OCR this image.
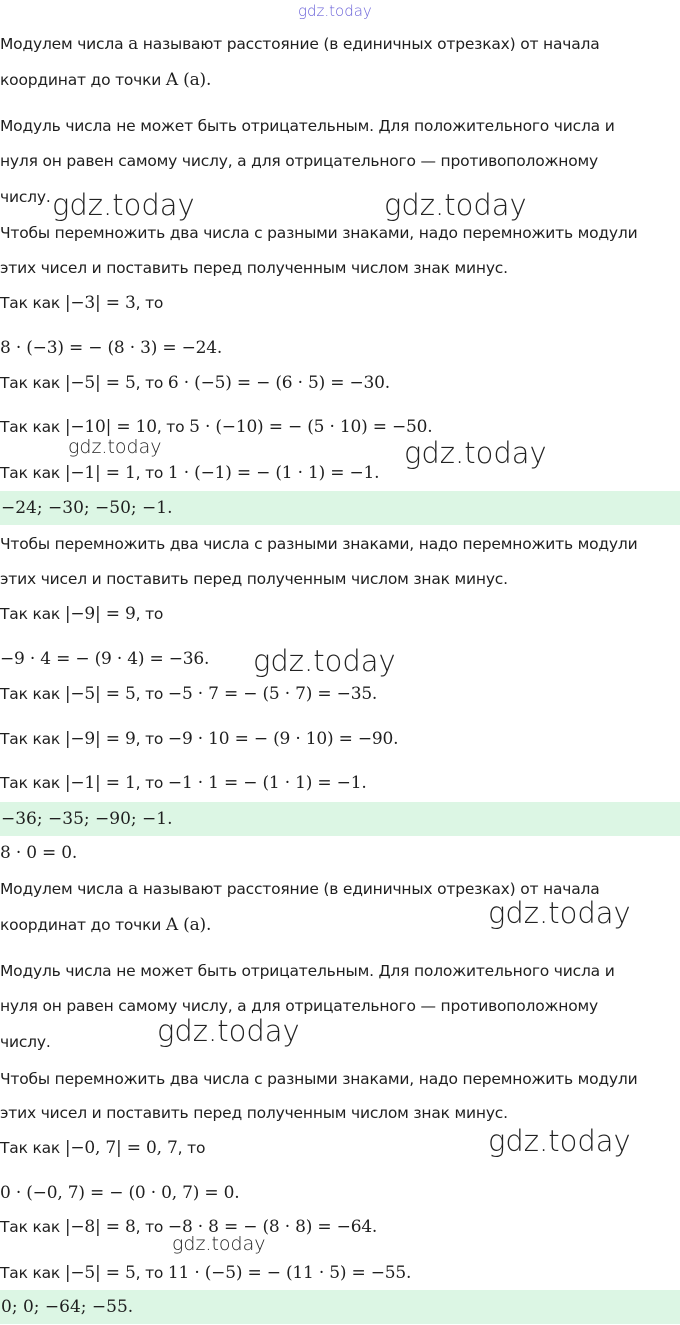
gdz.today
−24; −30; −50; −1.
−36; −35; −90; −1.
0; 0; −64; −55.
Модулем числа a называют расстояние (в единичных отрезках) от начала
координат до точки A (a).
Модуль числа не может быть отрицательным. Для положительного числа и
нуля он равен самому числу, а для отрицательного — противоположному
числу.
Чтобы перемножить два числа с разными знаками, надо перемножить модули
этих чисел и поставить перед полученным числом знак минус.
Так как |−3| = 3, то
8 · (−3) = − (8 · 3) = −24.
Так как |−5| = 5, то 6 · (−5) = − (6 · 5) = −30.
Так как |−10| = 10, то 5 · (−10) = − (5 · 10) = −50.
Так как |−1| = 1, то 1 · (−1) = − (1 · 1) = −1.
Чтобы перемножить два числа с разными знаками, надо перемножить модули
этих чисел и поставить перед полученным числом знак минус.
Так как |−9| = 9, то
−9 · 4 = − (9 · 4) = −36.
Так как |−5| = 5, то −5 · 7 = − (5 · 7) = −35.
Так как |−9| = 9, то −9 · 10 = − (9 · 10) = −90.
Так как |−1| = 1, то −1 · 1 = − (1 · 1) = −1.
8 · 0 = 0.
Модулем числа a называют расстояние (в единичных отрезках) от начала
координат до точки A (a).
Модуль числа не может быть отрицательным. Для положительного числа и
нуля он равен самому числу, а для отрицательного — противоположному
числу.
Чтобы перемножить два числа с разными знаками, надо перемножить модули
этих чисел и поставить перед полученным числом знак минус.
Так как |−0, 7| = 0, 7, то
0 · (−0, 7) = − (0 · 0, 7) = 0.
Так как |−8| = 8, то −8 · 8 = − (8 · 8) = −64.
Так как |−5| = 5, то 11 · (−5) = − (11 · 5) = −55.
gdz.today	gdz.today
gdz.today	gdz.today
gdz.today
gdz.today
gdz.today
gdz.today
gdz.today
